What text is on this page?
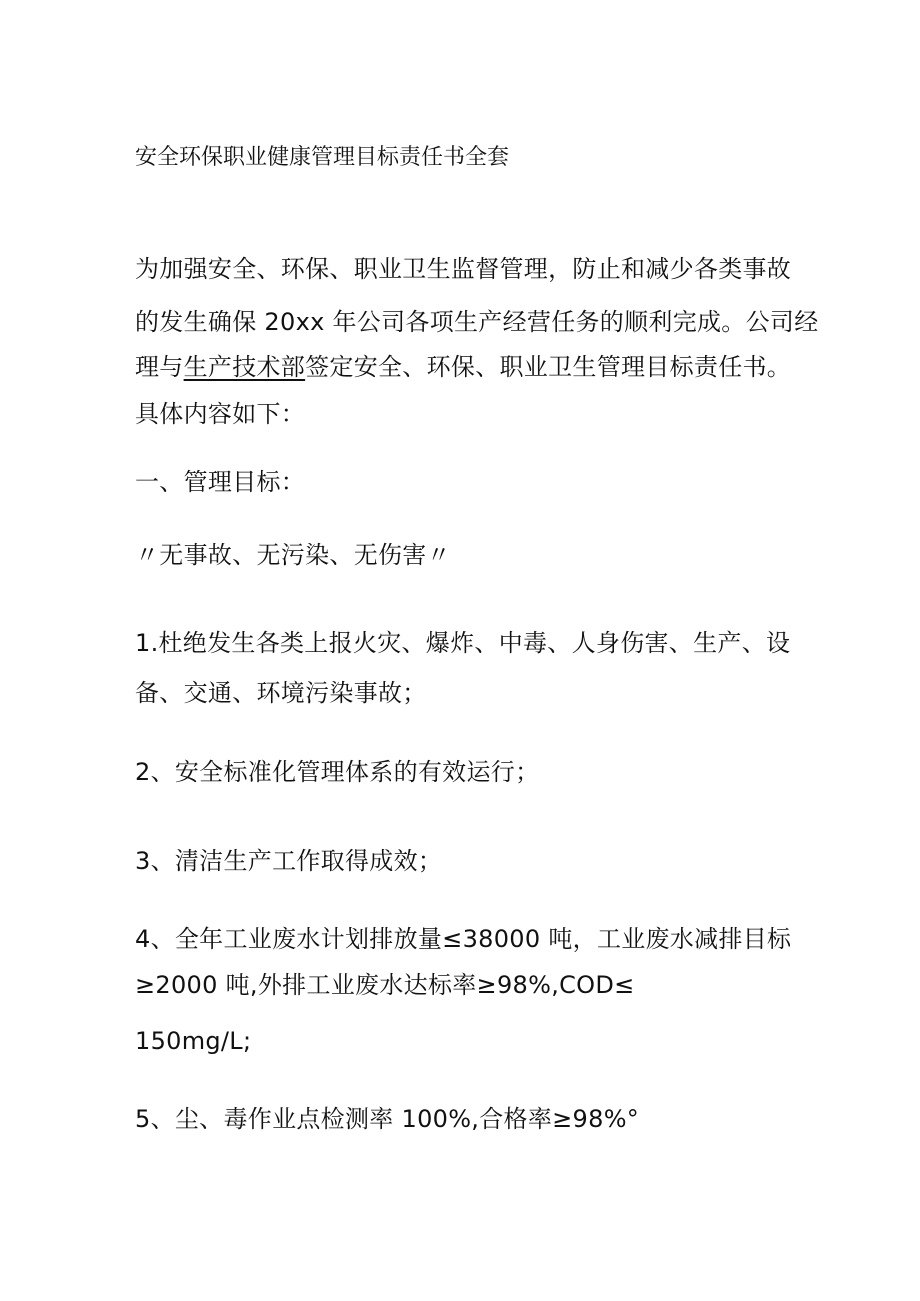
安全环保职业健康管理目标责任书全套
为加强安全、环保、职业卫生监督管理，防止和减少各类事故
的发生确保 20xx 年公司各项生产经营任务的顺利完成。公司经
理与生产技术部签定安全、环保、职业卫生管理目标责任书。
具体内容如下：
一、管理目标：
〃无事故、无污染、无伤害〃
1.杜绝发生各类上报火灾、爆炸、中毒、人身伤害、生产、设
备、交通、环境污染事故；
2、安全标准化管理体系的有效运行；
3、清洁生产工作取得成效；
4、全年工业废水计划排放量≤38000 吨，工业废水减排目标
≥2000 吨,外排工业废水达标率≥98%,COD≤
150mg∕L;
5、尘、毒作业点检测率 100%,合格率≥98%°
